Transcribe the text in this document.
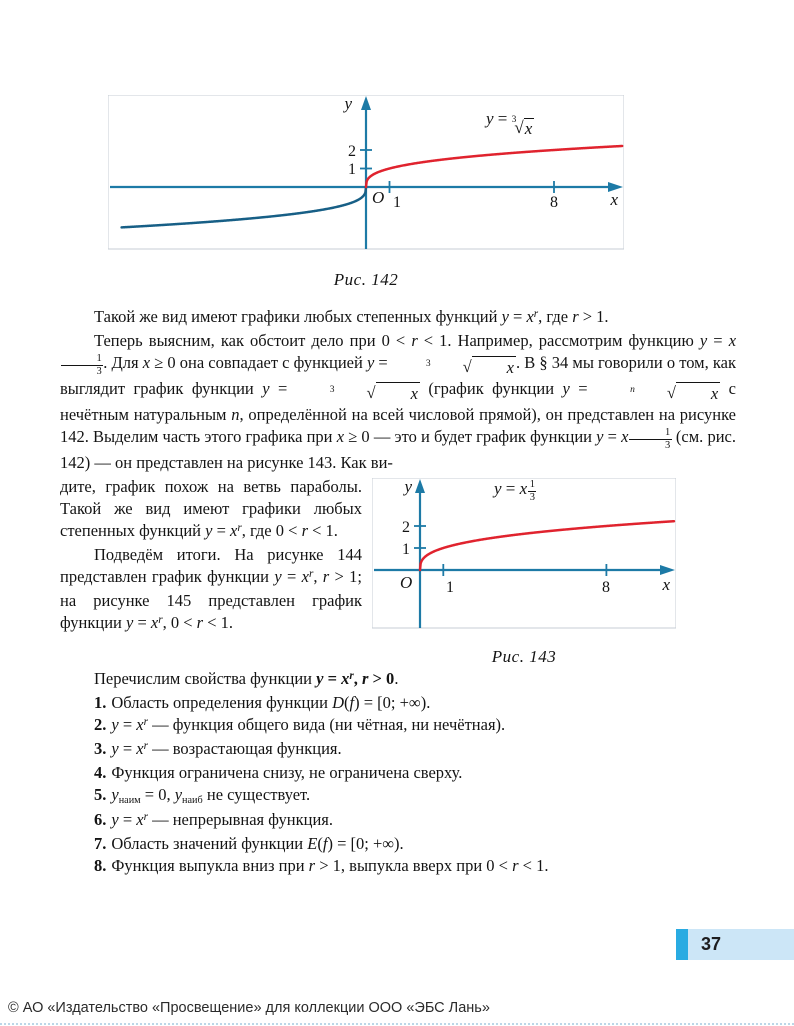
y
x
O 1	8
1
2
y = 3
√ x
Рис. 142

Такой же вид имеют графики любых степенных функций $y = x^r$, где r > 1.

Теперь выясним, как обстоит дело при 0 < r < 1. Например, рассмотрим функцию y = x
$\frac{1}{3}$ . Для x ≥ 0 она совпадает с функцией y =	3	√	x . В § 34 мы говорили о том, как выглядит график функции y =	3	√	x (график функции y =	n	√	x с нечётным натуральным n, определённой на всей числовой прямой), он представлен на рисунке 142. Выделим часть этого графика при x ≥ 0 — это и будет график функции y = x $\frac{1}{3} (см$. рис. 142) — он представлен на рисунке 143. Как ви-

дите, график похож на ветвь параболы. Такой же вид имеют графики любых степенных функций $y = x^r$, где 0 < r < 1.

Подведём итоги. На рисунке 144 представлен график функции $y = x^r$, r > 1; на рисунке 145 представлен график функции $y = x^r$, 0 < r < 1.

y
x
O 1	8
1
2
y = x $\frac{1}{3}$
Рис. 143

Перечислим свойства функции $y = x^r$, r > 0.

1. Область определения функции D(f) = [0; +∞).

2. $y = x^r$ — функция общего вида (ни чётная, ни нечётная).

3. $y = x^r$ — возрастающая функция.

4. Функция ограничена снизу, не ограничена сверху.

5. yнаим = 0, yнаиб не существует.

6. $y = x^r$ — непрерывная функция.

7. Область значений функции E(f) = [0; +∞).

8. Функция выпукла вниз при r > 1, выпукла вверх при 0 < r < 1.

37
© АО «Издательство «Просвещение» для коллекции ООО «ЭБС Лань»
